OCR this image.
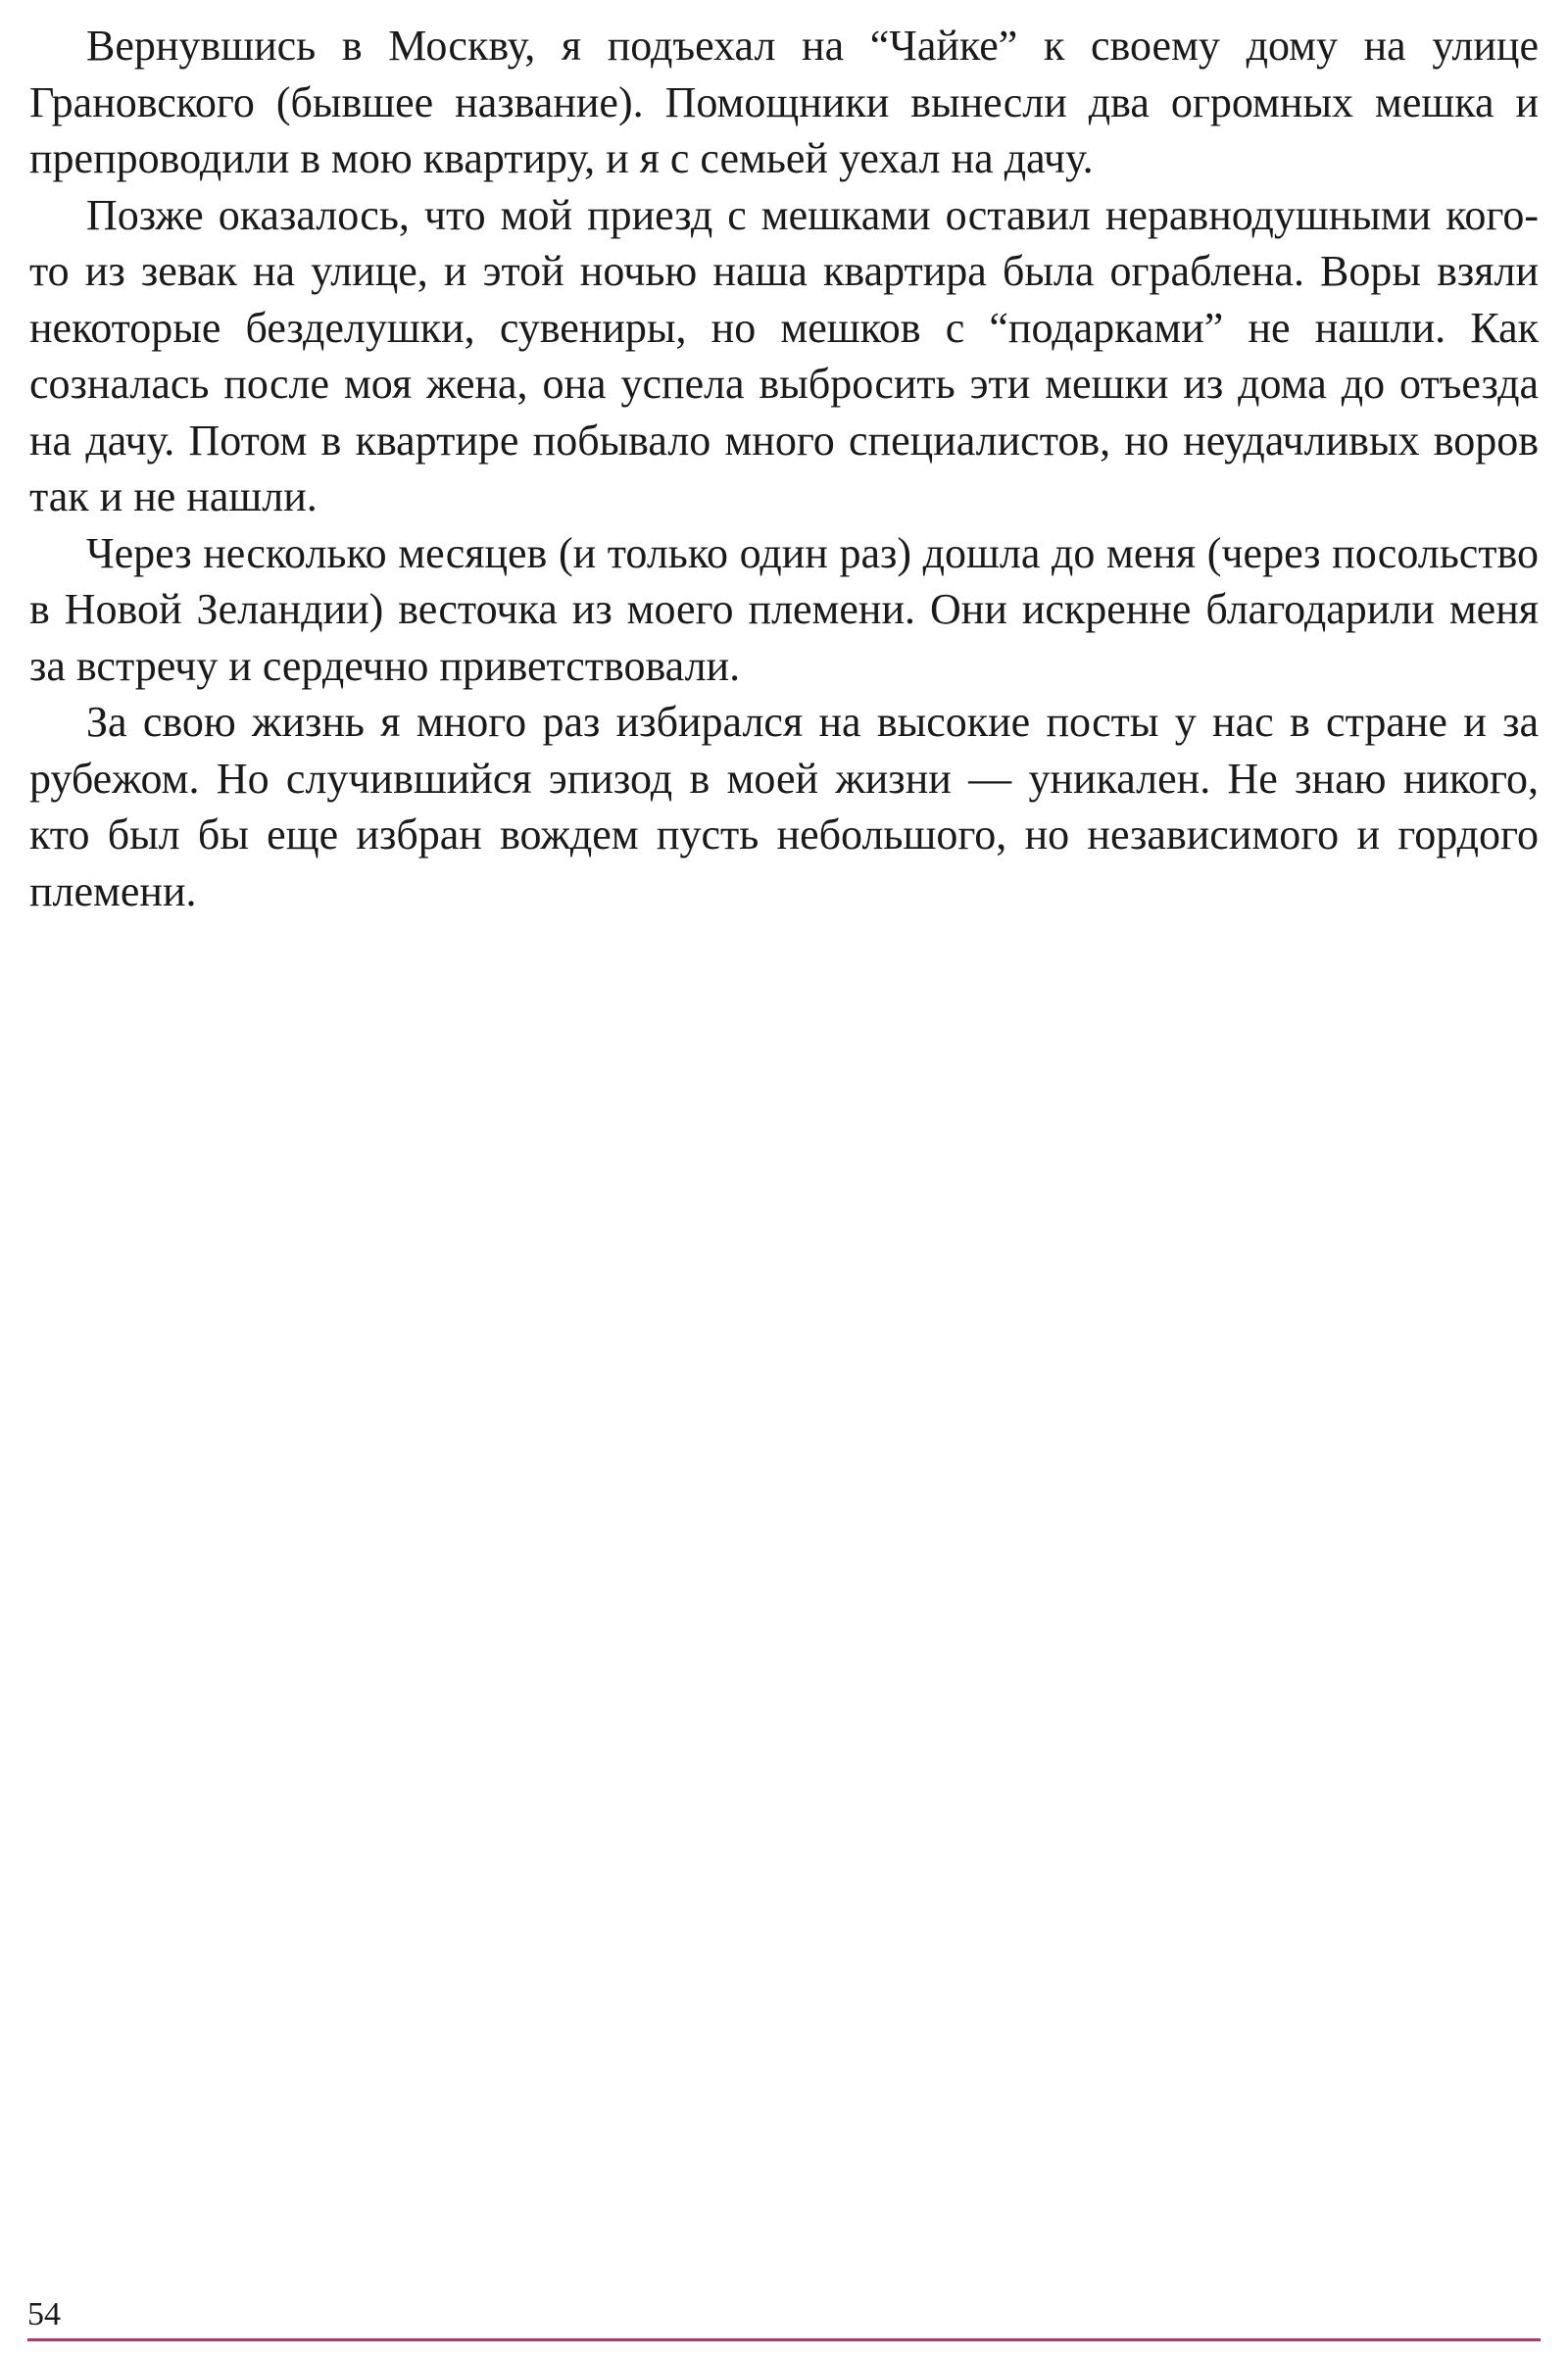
Вернувшись в Москву, я подъехал на “Чайке” к своему дому на улице Грановского (бывшее название). Помощники вынесли два огромных мешка и препроводили в мою квартиру, и я с семьей уехал на дачу.

Позже оказалось, что мой приезд с мешками оставил неравнодушными кого-то из зевак на улице, и этой ночью наша квартира была ограблена. Воры взяли некоторые безделушки, сувениры, но мешков с “подарками” не нашли. Как созналась после моя жена, она успела выбросить эти мешки из дома до отъезда на дачу. Потом в квартире побывало много специалистов, но неудачливых воров так и не нашли.

Через несколько месяцев (и только один раз) дошла до меня (через посольство в Новой Зеландии) весточка из моего племени. Они искренне благодарили меня за встречу и сердечно приветствовали.

За свою жизнь я много раз избирался на высокие посты у нас в стране и за рубежом. Но случившийся эпизод в моей жизни — уникален. Не знаю никого, кто был бы еще избран вождем пусть небольшого, но независимого и гордого племени.

54
